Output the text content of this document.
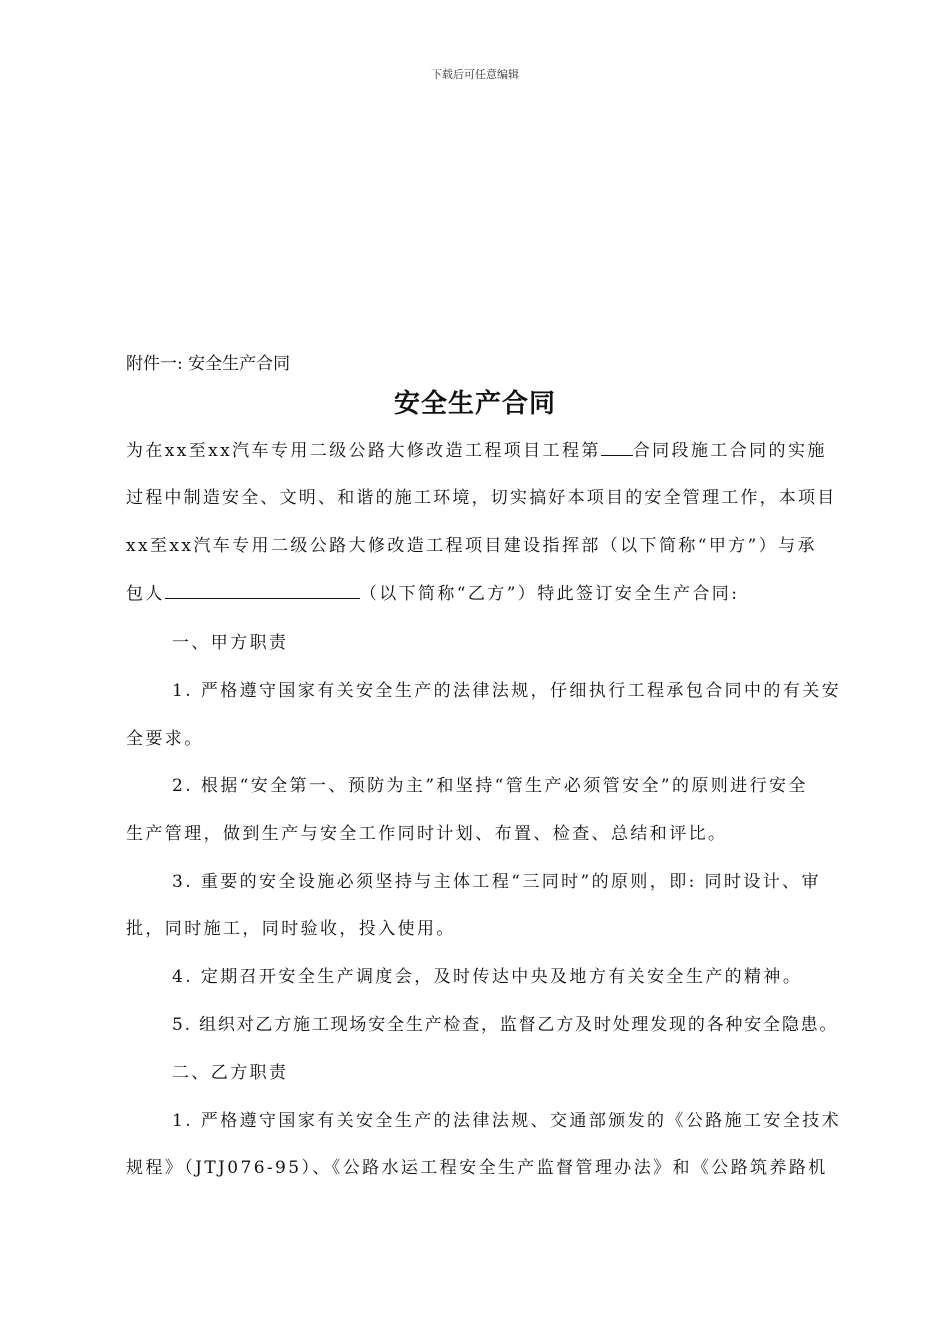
下载后可任意编辑
附件一: 安全生产合同
安全生产合同
为在xx至xx汽车专用二级公路大修改造工程项目工程第 合同段施工合同的实施
过程中制造安全、文明、和谐的施工环境，切实搞好本项目的安全管理工作，本项目
xx至xx汽车专用二级公路大修改造工程项目建设指挥部（以下简称“甲方”）与承
包人	（以下简称“乙方”）特此签订安全生产合同:
一、甲方职责
1. 严格遵守国家有关安全生产的法律法规，仔细执行工程承包合同中的有关安
全要求。
2. 根据“安全第一、预防为主”和坚持“管生产必须管安全”的原则进行安全
生产管理，做到生产与安全工作同时计划、布置、检查、总结和评比。
3. 重要的安全设施必须坚持与主体工程“三同时”的原则，即: 同时设计、审
批，同时施工，同时验收，投入使用。
4. 定期召开安全生产调度会，及时传达中央及地方有关安全生产的精神。
5. 组织对乙方施工现场安全生产检查，监督乙方及时处理发现的各种安全隐患。
二、乙方职责
1. 严格遵守国家有关安全生产的法律法规、交通部颁发的《公路施工安全技术
规程》（JTJ076-95）、《公路水运工程安全生产监督管理办法》和《公路筑养路机
